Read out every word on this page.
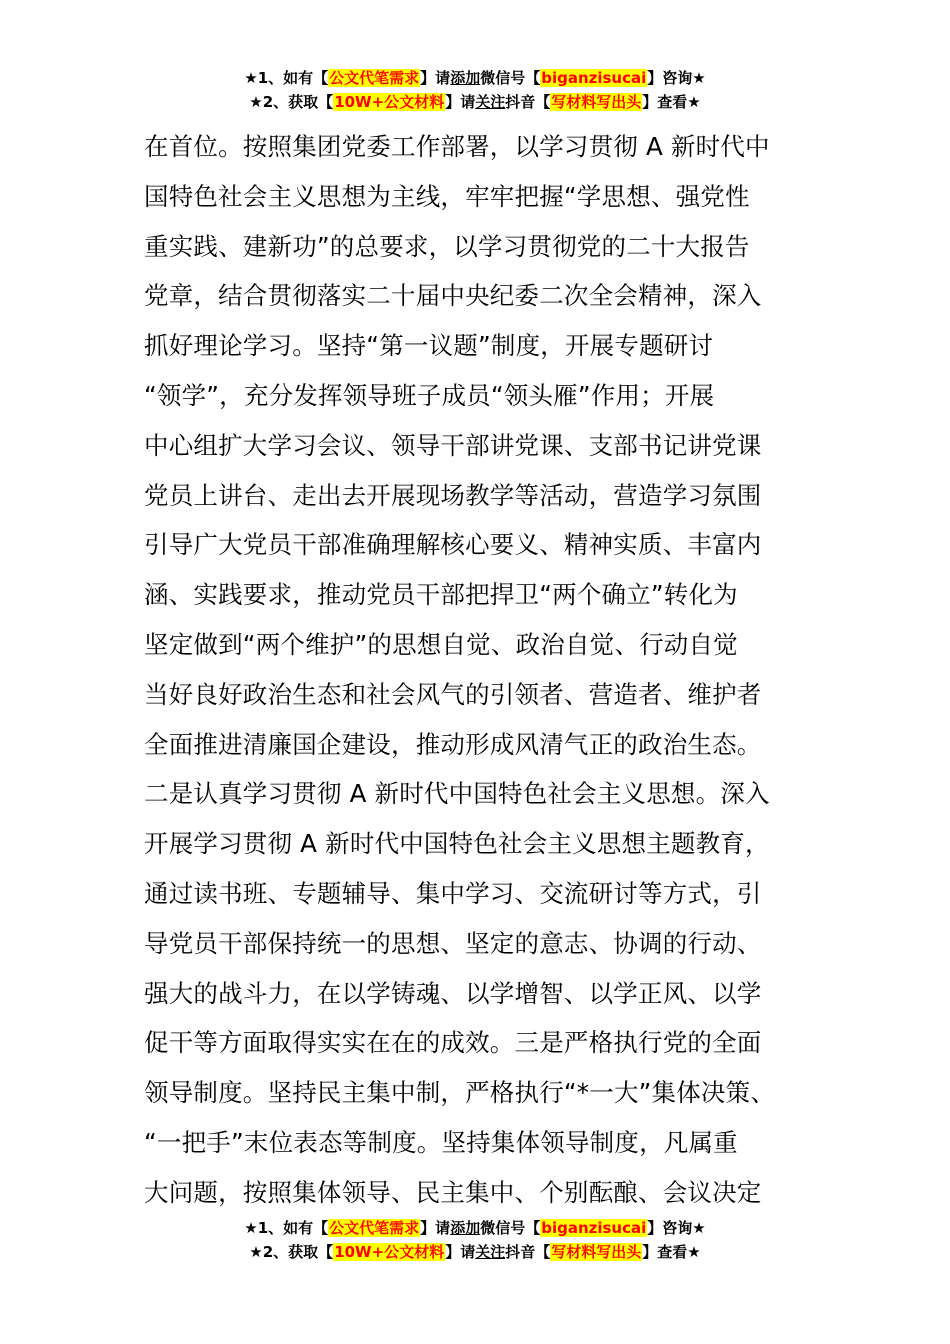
★1、如有【公文代笔需求】请添加微信号【biganzisucai】咨询★
★2、获取【10W+公文材料】请关注抖音【写材料写出头】查看★
在首位。按照集团党委工作部署，以学习贯彻 A 新时代中
国特色社会主义思想为主线，牢牢把握“学思想、强党性
重实践、建新功”的总要求，以学习贯彻党的二十大报告
党章，结合贯彻落实二十届中央纪委二次全会精神，深入
抓好理论学习。坚持“第一议题”制度，开展专题研讨
“领学”，充分发挥领导班子成员“领头雁”作用；开展
中心组扩大学习会议、领导干部讲党课、支部书记讲党课
党员上讲台、走出去开展现场教学等活动，营造学习氛围
引导广大党员干部准确理解核心要义、精神实质、丰富内
涵、实践要求，推动党员干部把捍卫“两个确立”转化为
坚定做到“两个维护”的思想自觉、政治自觉、行动自觉
当好良好政治生态和社会风气的引领者、营造者、维护者
全面推进清廉国企建设，推动形成风清气正的政治生态。
二是认真学习贯彻 A 新时代中国特色社会主义思想。深入
开展学习贯彻 A 新时代中国特色社会主义思想主题教育，
通过读书班、专题辅导、集中学习、交流研讨等方式，引
导党员干部保持统一的思想、坚定的意志、协调的行动、
强大的战斗力，在以学铸魂、以学增智、以学正风、以学
促干等方面取得实实在在的成效。三是严格执行党的全面
领导制度。坚持民主集中制，严格执行“*一大”集体决策、
“一把手”末位表态等制度。坚持集体领导制度，凡属重
大问题，按照集体领导、民主集中、个别酝酿、会议决定
★1、如有【公文代笔需求】请添加微信号【biganzisucai】咨询★
★2、获取【10W+公文材料】请关注抖音【写材料写出头】查看★
